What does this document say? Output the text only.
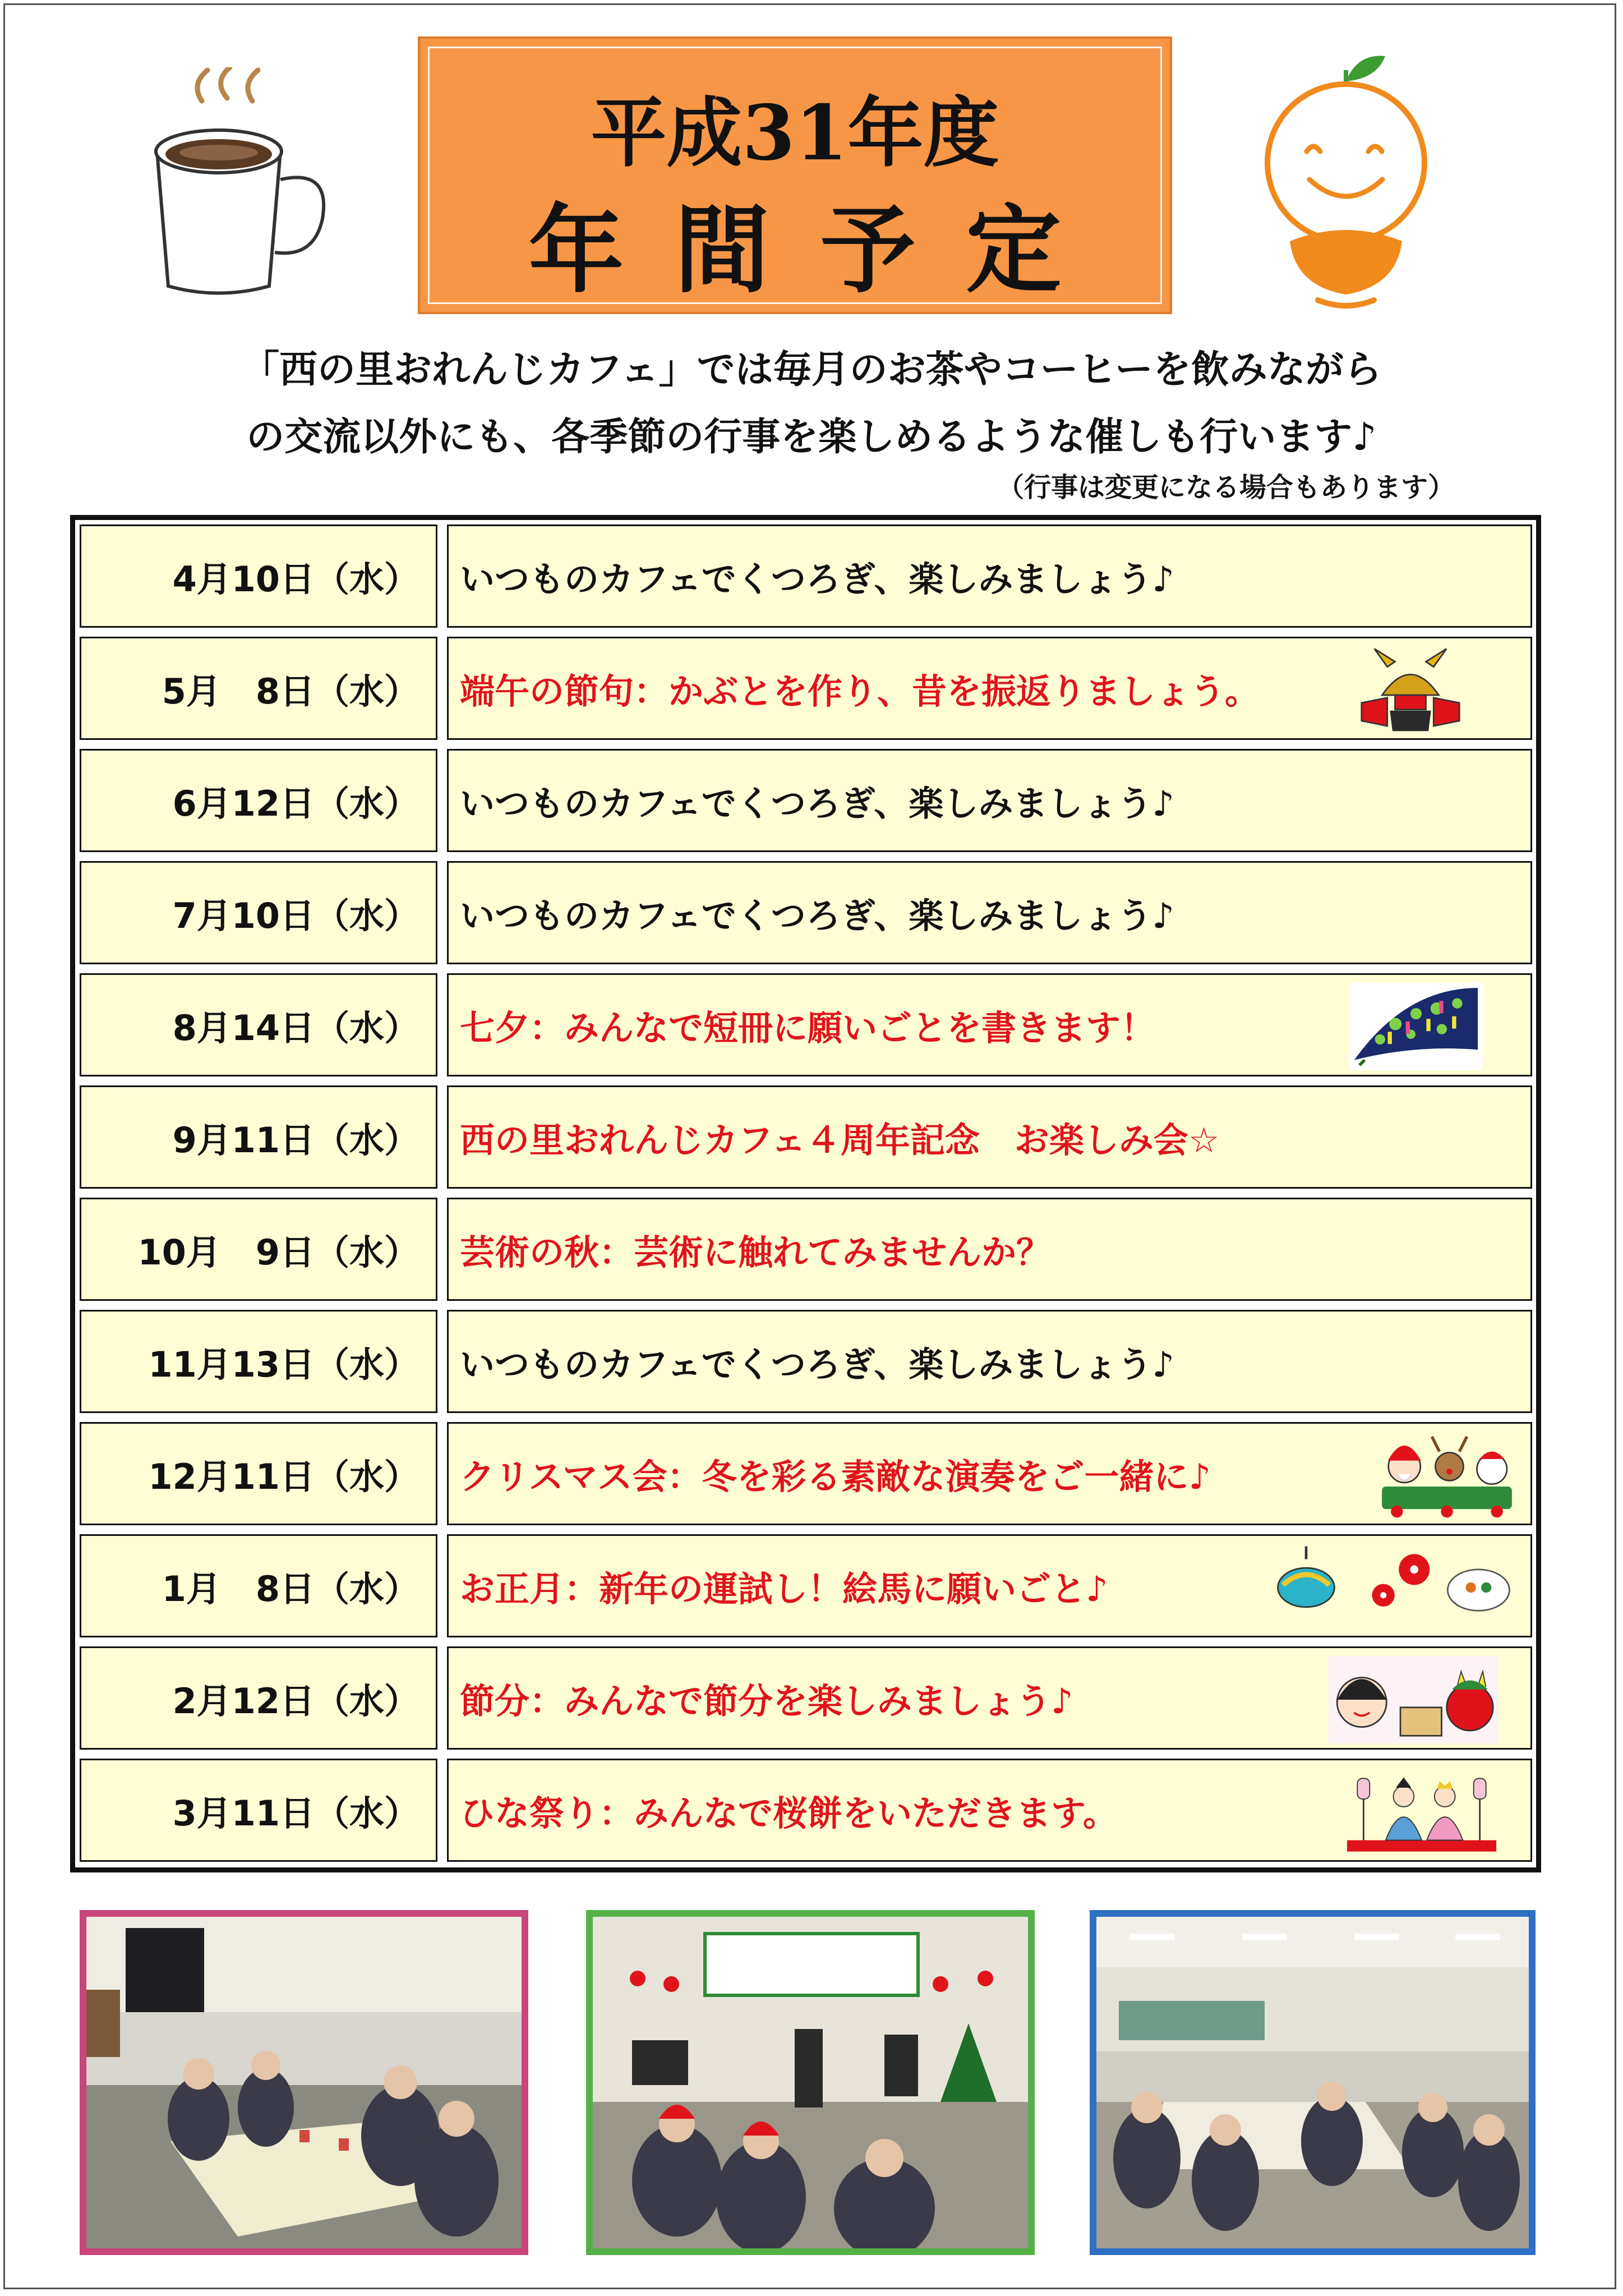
平成31年度
年間予定
「西の里おれんじカフェ」では毎月のお茶やコーヒーを飲みながら
の交流以外にも、各季節の行事を楽しめるような催しも行います♪
（行事は変更になる場合もあります）
4月10日（水） いつものカフェでくつろぎ、楽しみましょう♪
5月　8日（水） 端午の節句：かぶとを作り、昔を振返りましょう。
6月12日（水） いつものカフェでくつろぎ、楽しみましょう♪
7月10日（水） いつものカフェでくつろぎ、楽しみましょう♪
8月14日（水） 七夕：みんなで短冊に願いごとを書きます！
9月11日（水） 西の里おれんじカフェ４周年記念　お楽しみ会☆
10月　9日（水） 芸術の秋：芸術に触れてみませんか？
11月13日（水） いつものカフェでくつろぎ、楽しみましょう♪
12月11日（水） クリスマス会：冬を彩る素敵な演奏をご一緒に♪
1月　8日（水） お正月：新年の運試し！絵馬に願いごと♪
2月12日（水） 節分：みんなで節分を楽しみましょう♪
3月11日（水） ひな祭り：みんなで桜餅をいただきます。
